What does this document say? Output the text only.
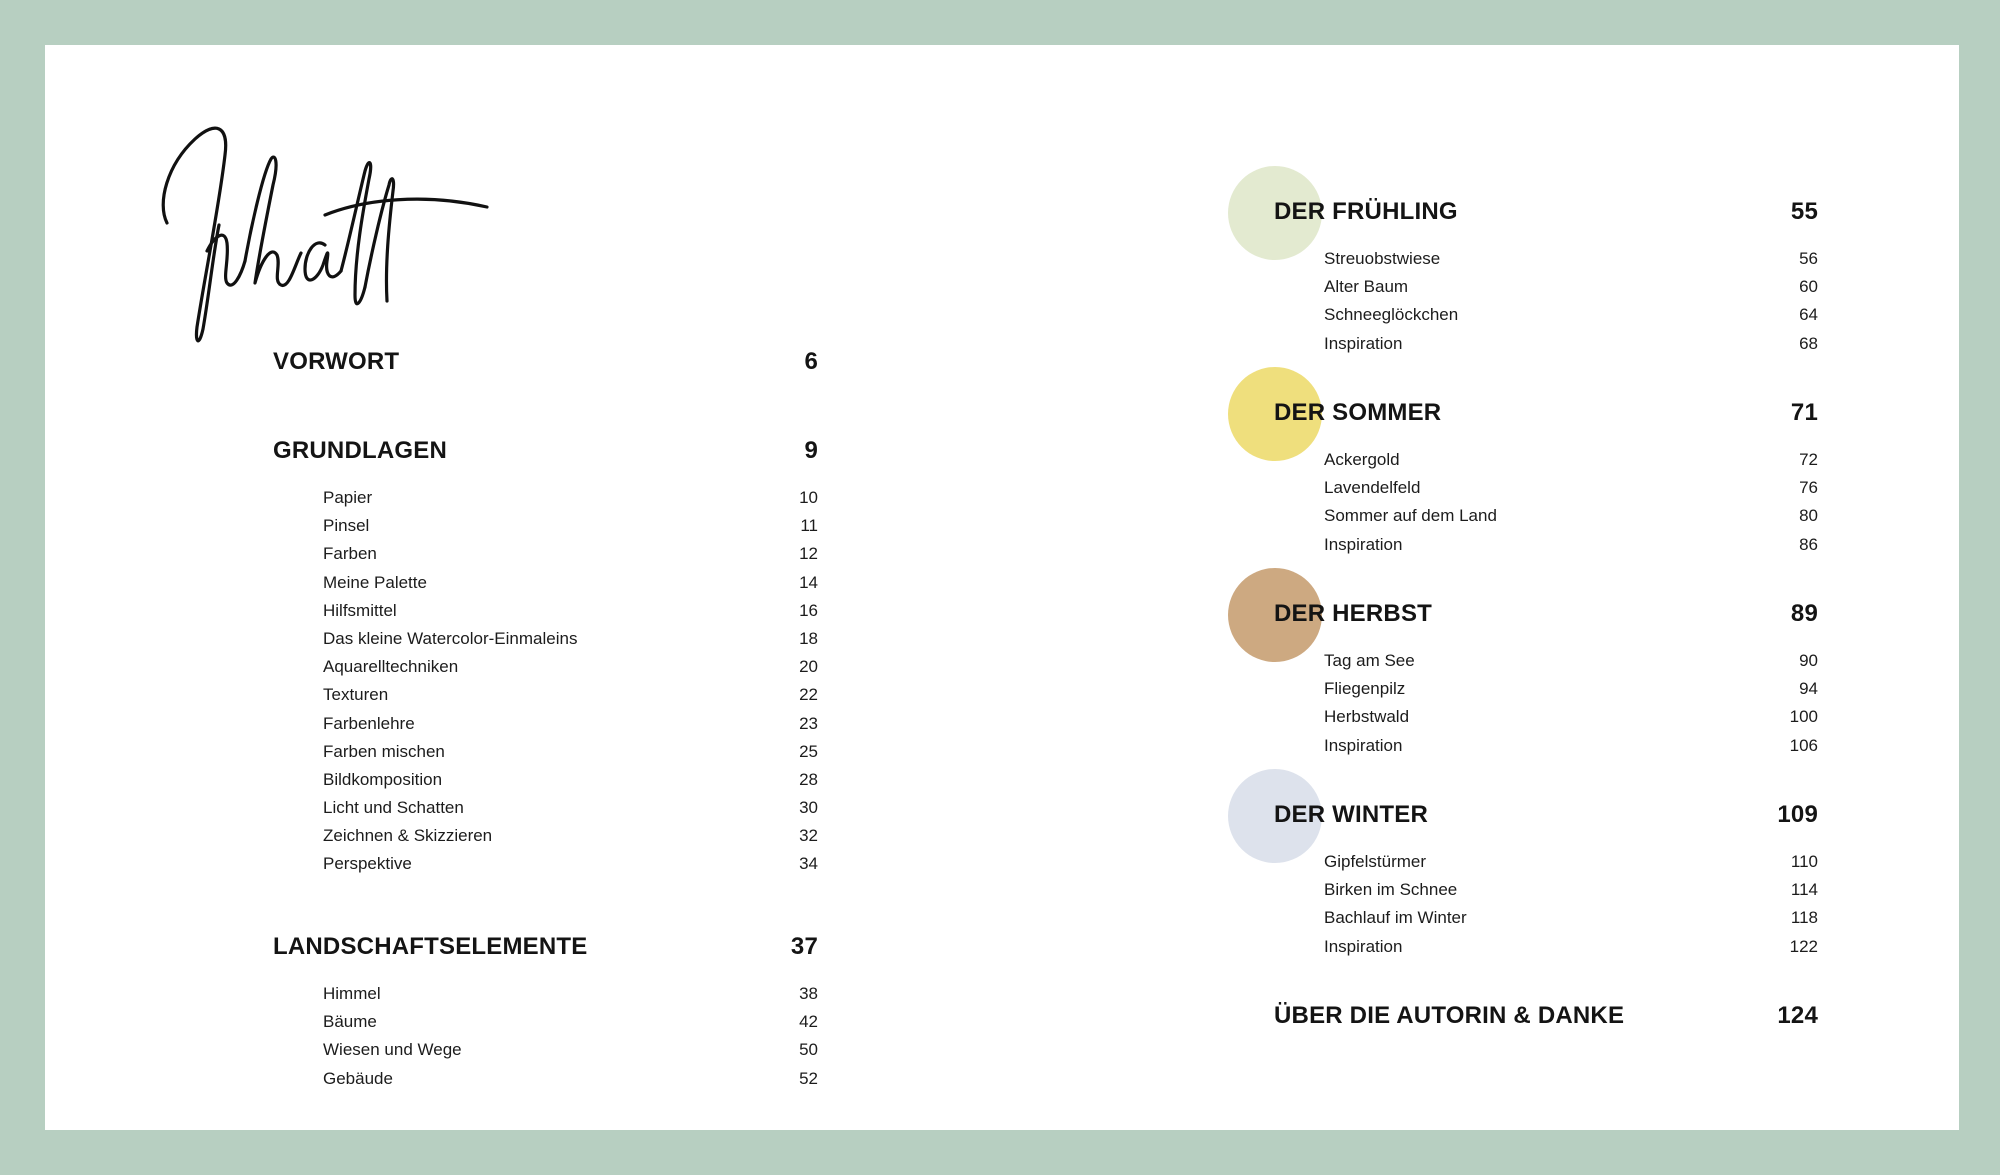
VORWORT	6
GRUNDLAGEN	9
Papier	10
Pinsel	11
Farben	12
Meine Palette	14
Hilfsmittel	16
Das kleine Watercolor-Einmaleins	18
Aquarelltechniken	20
Texturen	22
Farbenlehre	23
Farben mischen	25
Bildkomposition	28
Licht und Schatten	30
Zeichnen & Skizzieren	32
Perspektive	34
LANDSCHAFTSELEMENTE	37
Himmel	38
Bäume	42
Wiesen und Wege	50
Gebäude	52
DER FRÜHLING	55
Streuobstwiese	56
Alter Baum	60
Schneeglöckchen	64
Inspiration	68
DER SOMMER	71
Ackergold	72
Lavendelfeld	76
Sommer auf dem Land	80
Inspiration	86
DER HERBST	89
Tag am See	90
Fliegenpilz	94
Herbstwald	100
Inspiration	106
DER WINTER	109
Gipfelstürmer	110
Birken im Schnee	114
Bachlauf im Winter	118
Inspiration	122
ÜBER DIE AUTORIN & DANKE	124
